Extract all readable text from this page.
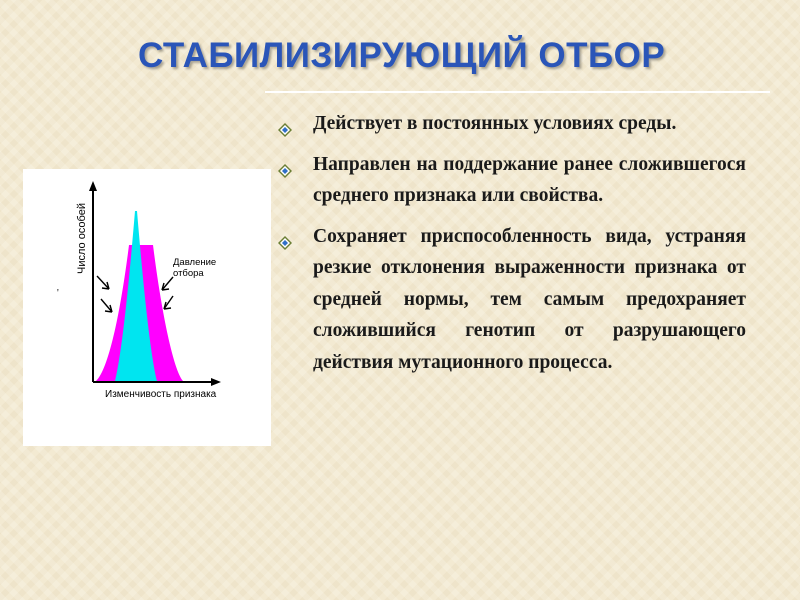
СТАБИЛИЗИРУЮЩИЙ ОТБОР
Действует в постоянных условиях среды.
Направлен на поддержание ранее сложившегося среднего признака или свойства.
Сохраняет приспособленность вида, устраняя резкие отклонения выраженности признака от средней нормы, тем самым предохраняет сложившийся генотип от разрушающего действия мутационного процесса.
Число особей
Изменчивость признака
Давление отбора
'
